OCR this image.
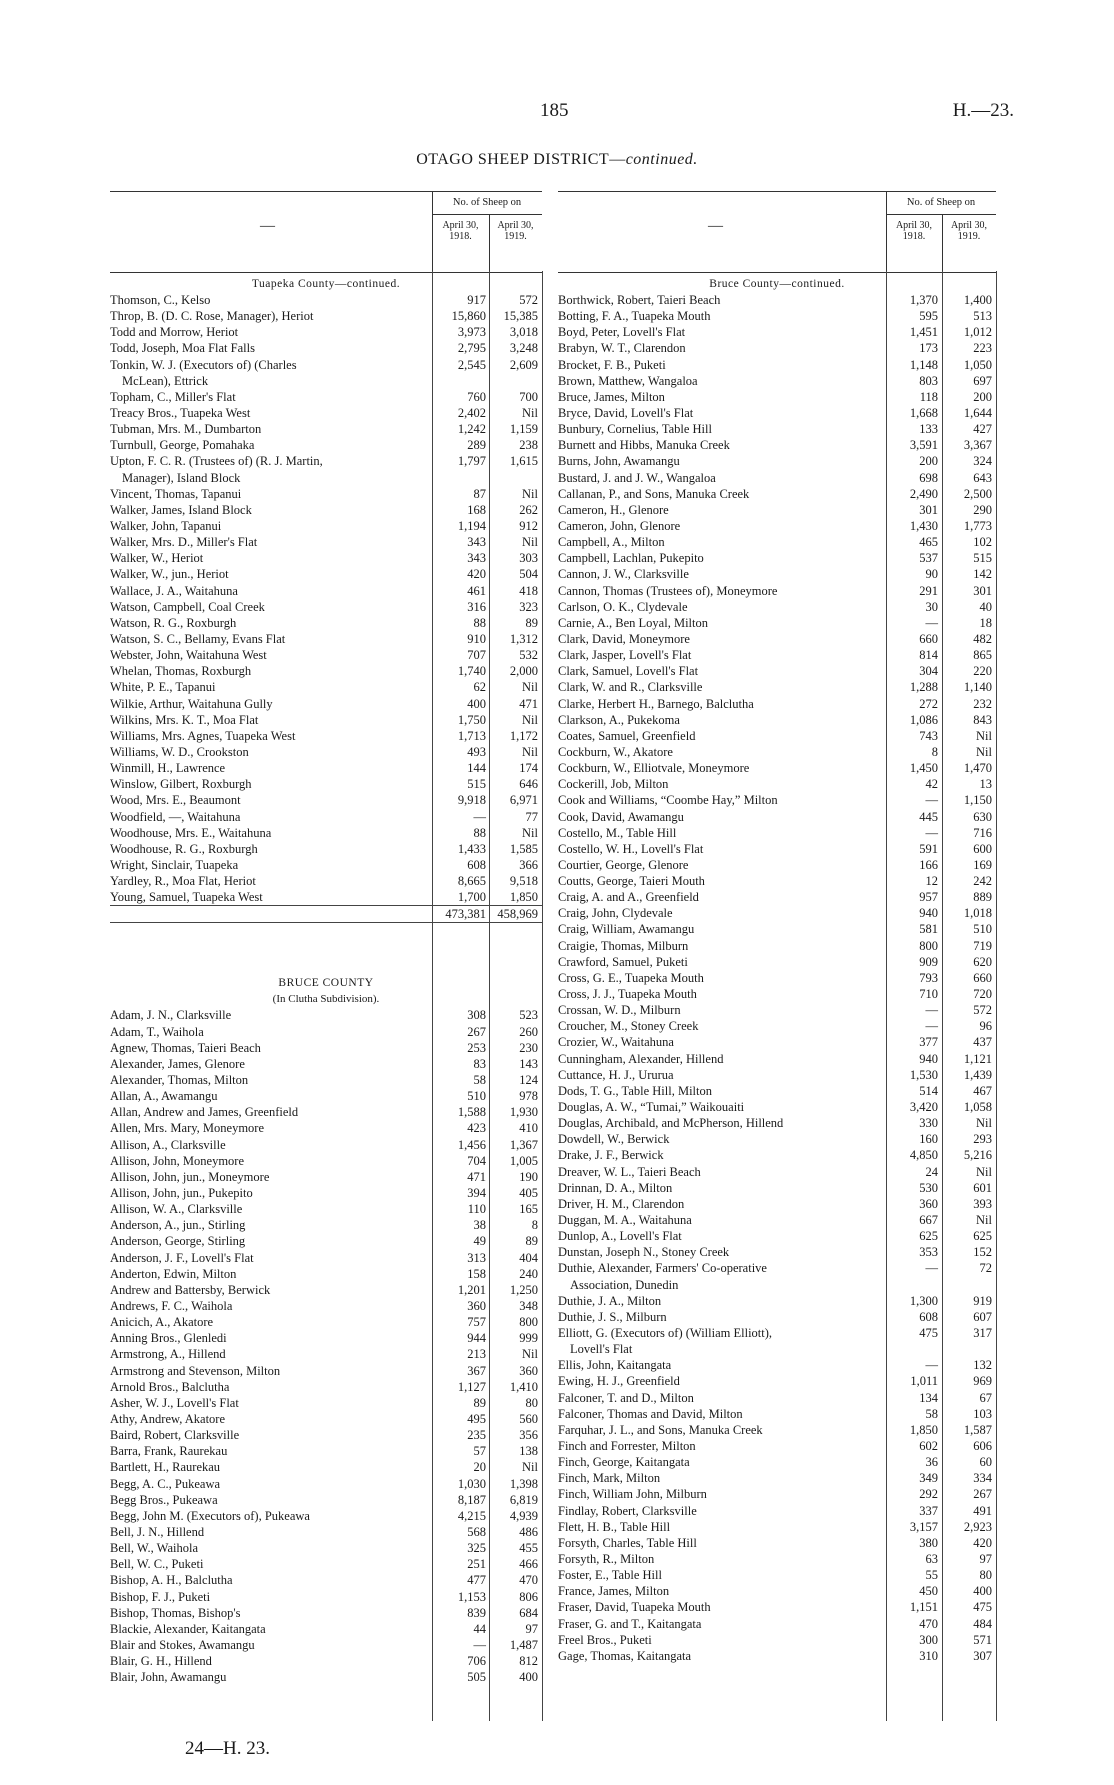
185	H.—23.
OTAGO SHEEP DISTRICT—continued.
—
No. of Sheep on
April 30, 1918.
April 30, 1919.
Tuapeka County—continued.
Thomson, C., Kelso	917	572
Throp, B. (D. C. Rose, Manager), Heriot	15,860	15,385
Todd and Morrow, Heriot	3,973	3,018
Todd, Joseph, Moa Flat Falls	2,795	3,248
Tonkin, W. J. (Executors of) (Charles	2,545	2,609
McLean), Ettrick
Topham, C., Miller's Flat	760	700
Treacy Bros., Tuapeka West	2,402	Nil
Tubman, Mrs. M., Dumbarton	1,242	1,159
Turnbull, George, Pomahaka	289	238
Upton, F. C. R. (Trustees of) (R. J. Martin,	1,797	1,615
Manager), Island Block
Vincent, Thomas, Tapanui	87	Nil
Walker, James, Island Block	168	262
Walker, John, Tapanui	1,194	912
Walker, Mrs. D., Miller's Flat	343	Nil
Walker, W., Heriot	343	303
Walker, W., jun., Heriot	420	504
Wallace, J. A., Waitahuna	461	418
Watson, Campbell, Coal Creek	316	323
Watson, R. G., Roxburgh	88	89
Watson, S. C., Bellamy, Evans Flat	910	1,312
Webster, John, Waitahuna West	707	532
Whelan, Thomas, Roxburgh	1,740	2,000
White, P. E., Tapanui	62	Nil
Wilkie, Arthur, Waitahuna Gully	400	471
Wilkins, Mrs. K. T., Moa Flat	1,750	Nil
Williams, Mrs. Agnes, Tuapeka West	1,713	1,172
Williams, W. D., Crookston	493	Nil
Winmill, H., Lawrence	144	174
Winslow, Gilbert, Roxburgh	515	646
Wood, Mrs. E., Beaumont	9,918	6,971
Woodfield, —, Waitahuna	—	77
Woodhouse, Mrs. E., Waitahuna	88	Nil
Woodhouse, R. G., Roxburgh	1,433	1,585
Wright, Sinclair, Tuapeka	608	366
Yardley, R., Moa Flat, Heriot	8,665	9,518
Young, Samuel, Tuapeka West	1,700	1,850
473,381 458,969
BRUCE COUNTY
(In Clutha Subdivision).
Adam, J. N., Clarksville	308	523
Adam, T., Waihola	267	260
Agnew, Thomas, Taieri Beach	253	230
Alexander, James, Glenore	83	143
Alexander, Thomas, Milton	58	124
Allan, A., Awamangu	510	978
Allan, Andrew and James, Greenfield	1,588	1,930
Allen, Mrs. Mary, Moneymore	423	410
Allison, A., Clarksville	1,456	1,367
Allison, John, Moneymore	704	1,005
Allison, John, jun., Moneymore	471	190
Allison, John, jun., Pukepito	394	405
Allison, W. A., Clarksville	110	165
Anderson, A., jun., Stirling	38	8
Anderson, George, Stirling	49	89
Anderson, J. F., Lovell's Flat	313	404
Anderton, Edwin, Milton	158	240
Andrew and Battersby, Berwick	1,201	1,250
Andrews, F. C., Waihola	360	348
Anicich, A., Akatore	757	800
Anning Bros., Glenledi	944	999
Armstrong, A., Hillend	213	Nil
Armstrong and Stevenson, Milton	367	360
Arnold Bros., Balclutha	1,127	1,410
Asher, W. J., Lovell's Flat	89	80
Athy, Andrew, Akatore	495	560
Baird, Robert, Clarksville	235	356
Barra, Frank, Raurekau	57	138
Bartlett, H., Raurekau	20	Nil
Begg, A. C., Pukeawa	1,030	1,398
Begg Bros., Pukeawa	8,187	6,819
Begg, John M. (Executors of), Pukeawa	4,215	4,939
Bell, J. N., Hillend	568	486
Bell, W., Waihola	325	455
Bell, W. C., Puketi	251	466
Bishop, A. H., Balclutha	477	470
Bishop, F. J., Puketi	1,153	806
Bishop, Thomas, Bishop's	839	684
Blackie, Alexander, Kaitangata	44	97
Blair and Stokes, Awamangu	—	1,487
Blair, G. H., Hillend	706	812
Blair, John, Awamangu	505	400
—
No. of Sheep on
April 30, 1918.
April 30, 1919.
Bruce County—continued.
Borthwick, Robert, Taieri Beach	1,370	1,400
Botting, F. A., Tuapeka Mouth	595	513
Boyd, Peter, Lovell's Flat	1,451	1,012
Brabyn, W. T., Clarendon	173	223
Brocket, F. B., Puketi	1,148	1,050
Brown, Matthew, Wangaloa	803	697
Bruce, James, Milton	118	200
Bryce, David, Lovell's Flat	1,668	1,644
Bunbury, Cornelius, Table Hill	133	427
Burnett and Hibbs, Manuka Creek	3,591	3,367
Burns, John, Awamangu	200	324
Bustard, J. and J. W., Wangaloa	698	643
Callanan, P., and Sons, Manuka Creek	2,490	2,500
Cameron, H., Glenore	301	290
Cameron, John, Glenore	1,430	1,773
Campbell, A., Milton	465	102
Campbell, Lachlan, Pukepito	537	515
Cannon, J. W., Clarksville	90	142
Cannon, Thomas (Trustees of), Moneymore	291	301
Carlson, O. K., Clydevale	30	40
Carnie, A., Ben Loyal, Milton	—	18
Clark, David, Moneymore	660	482
Clark, Jasper, Lovell's Flat	814	865
Clark, Samuel, Lovell's Flat	304	220
Clark, W. and R., Clarksville	1,288	1,140
Clarke, Herbert H., Barnego, Balclutha	272	232
Clarkson, A., Pukekoma	1,086	843
Coates, Samuel, Greenfield	743	Nil
Cockburn, W., Akatore	8	Nil
Cockburn, W., Elliotvale, Moneymore	1,450	1,470
Cockerill, Job, Milton	42	13
Cook and Williams, “Coombe Hay,” Milton	—	1,150
Cook, David, Awamangu	445	630
Costello, M., Table Hill	—	716
Costello, W. H., Lovell's Flat	591	600
Courtier, George, Glenore	166	169
Coutts, George, Taieri Mouth	12	242
Craig, A. and A., Greenfield	957	889
Craig, John, Clydevale	940	1,018
Craig, William, Awamangu	581	510
Craigie, Thomas, Milburn	800	719
Crawford, Samuel, Puketi	909	620
Cross, G. E., Tuapeka Mouth	793	660
Cross, J. J., Tuapeka Mouth	710	720
Crossan, W. D., Milburn	—	572
Croucher, M., Stoney Creek	—	96
Crozier, W., Waitahuna	377	437
Cunningham, Alexander, Hillend	940	1,121
Cuttance, H. J., Ururua	1,530	1,439
Dods, T. G., Table Hill, Milton	514	467
Douglas, A. W., “Tumai,” Waikouaiti	3,420	1,058
Douglas, Archibald, and McPherson, Hillend	330	Nil
Dowdell, W., Berwick	160	293
Drake, J. F., Berwick	4,850	5,216
Dreaver, W. L., Taieri Beach	24	Nil
Drinnan, D. A., Milton	530	601
Driver, H. M., Clarendon	360	393
Duggan, M. A., Waitahuna	667	Nil
Dunlop, A., Lovell's Flat	625	625
Dunstan, Joseph N., Stoney Creek	353	152
Duthie, Alexander, Farmers' Co-operative	—	72
Association, Dunedin
Duthie, J. A., Milton	1,300	919
Duthie, J. S., Milburn	608	607
Elliott, G. (Executors of) (William Elliott),	475	317
Lovell's Flat
Ellis, John, Kaitangata	—	132
Ewing, H. J., Greenfield	1,011	969
Falconer, T. and D., Milton	134	67
Falconer, Thomas and David, Milton	58	103
Farquhar, J. L., and Sons, Manuka Creek	1,850	1,587
Finch and Forrester, Milton	602	606
Finch, George, Kaitangata	36	60
Finch, Mark, Milton	349	334
Finch, William John, Milburn	292	267
Findlay, Robert, Clarksville	337	491
Flett, H. B., Table Hill	3,157	2,923
Forsyth, Charles, Table Hill	380	420
Forsyth, R., Milton	63	97
Foster, E., Table Hill	55	80
France, James, Milton	450	400
Fraser, David, Tuapeka Mouth	1,151	475
Fraser, G. and T., Kaitangata	470	484
Freel Bros., Puketi	300	571
Gage, Thomas, Kaitangata	310	307
24—H. 23.
